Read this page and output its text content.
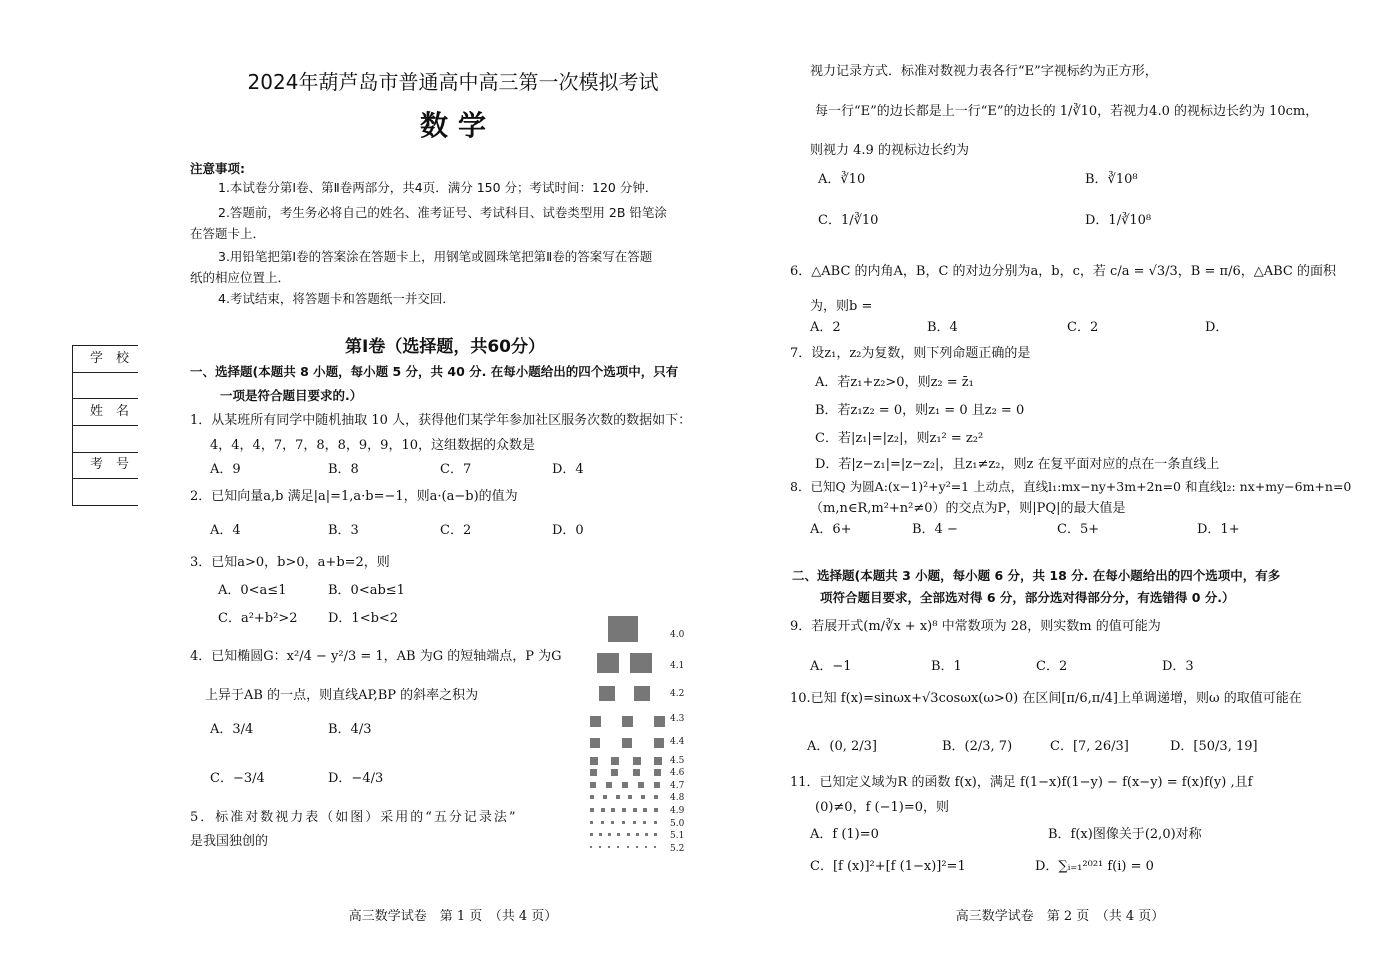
2024年葫芦岛市普通高中高三第一次模拟考试
数学
注意事项:
1.本试卷分第Ⅰ卷、第Ⅱ卷两部分，共4页．满分 150 分；考试时间：120 分钟．
2.答题前，考生务必将自己的姓名、准考证号、考试科目、试卷类型用 2B 铅笔涂
在答题卡上．
3.用铅笔把第Ⅰ卷的答案涂在答题卡上，用钢笔或圆珠笔把第Ⅱ卷的答案写在答题
纸的相应位置上．
4.考试结束，将答题卡和答题纸一并交回．
第Ⅰ卷（选择题，共60分）
一、选择题(本题共 8 小题，每小题 5 分，共 40 分. 在每小题给出的四个选项中，只有
一项是符合题目要求的.）
1．从某班所有同学中随机抽取 10 人，获得他们某学年参加社区服务次数的数据如下：
4，4，4，7，7，8，8，9，9，10，这组数据的众数是
A．9	B．8	C．7	D．4
2．已知向量a,b 满足|a|=1,a·b=−1，则a·(a−b)的值为
A．4	B．3	C．2	D．0
3．已知a>0，b>0，a+b=2，则
A．0<a≤1	B．0<ab≤1
C．a²+b²>2 D．1<b<2
4．已知椭圆G：x²/4 − y²/3 = 1，AB 为G 的短轴端点，P 为G
上异于AB 的一点，则直线AP,BP 的斜率之积为
A．3/4	B．4/3
C．−3/4	D．−4/3
5．标准对数视力表（如图）采用的“五分记录法”
是我国独创的
4.0
4.1
4.2
4.3
4.4
4.5
4.6
4.7
4.8
4.9
5.0
5.1
5.2
学　校
姓　名
考　号
高三数学试卷　第 1 页　（共 4 页）
视力记录方式．标准对数视力表各行“E”字视标约为正方形，
每一行“E”的边长都是上一行“E”的边长的 1/∛10，若视力4.0 的视标边长约为 10cm，
则视力 4.9 的视标边长约为
A．∛10	B．∛10⁸
C．1/∛10	D．1/∛10⁸
6．△ABC 的内角A，B，C 的对边分别为a，b，c，若 c/a = √3/3，B = π/6，△ABC 的面积
为，则b =
A．2	B．4	C．2	D．
7．设z₁，z₂为复数，则下列命题正确的是
A．若z₁+z₂>0，则z₂ = z̄₁
B．若z₁z₂ = 0，则z₁ = 0 且z₂ = 0
C．若|z₁|=|z₂|，则z₁² = z₂²
D．若|z−z₁|=|z−z₂|，且z₁≠z₂，则z 在复平面对应的点在一条直线上
8．已知Q 为圆A:(x−1)²+y²=1 上动点，直线l₁:mx−ny+3m+2n=0 和直线l₂: nx+my−6m+n=0
（m,n∈R,m²+n²≠0）的交点为P，则|PQ|的最大值是
A．6+	B．4 −	C．5+	D．1+
二、选择题(本题共 3 小题，每小题 6 分，共 18 分. 在每小题给出的四个选项中，有多
项符合题目要求，全部选对得 6 分，部分选对得部分分，有选错得 0 分.）
9．若展开式(m/∛x + x)⁸ 中常数项为 28，则实数m 的值可能为
A．−1	B．1	C．2	D．3
10.已知 f(x)=sinωx+√3cosωx(ω>0) 在区间[π/6,π/4]上单调递增，则ω 的取值可能在
A．(0, 2/3]	B．(2/3, 7)	C．[7, 26/3]	D．[50/3, 19]
11．已知定义域为R 的函数 f(x)，满足 f(1−x)f(1−y) − f(x−y) = f(x)f(y) ,且f
(0)≠0，f (−1)=0，则
A．f (1)=0	B．f(x)图像关于(2,0)对称
C．[f (x)]²+[f (1−x)]²=1	D．∑ᵢ₌₁²⁰²¹ f(i) = 0
高三数学试卷　第 2 页　（共 4 页）
